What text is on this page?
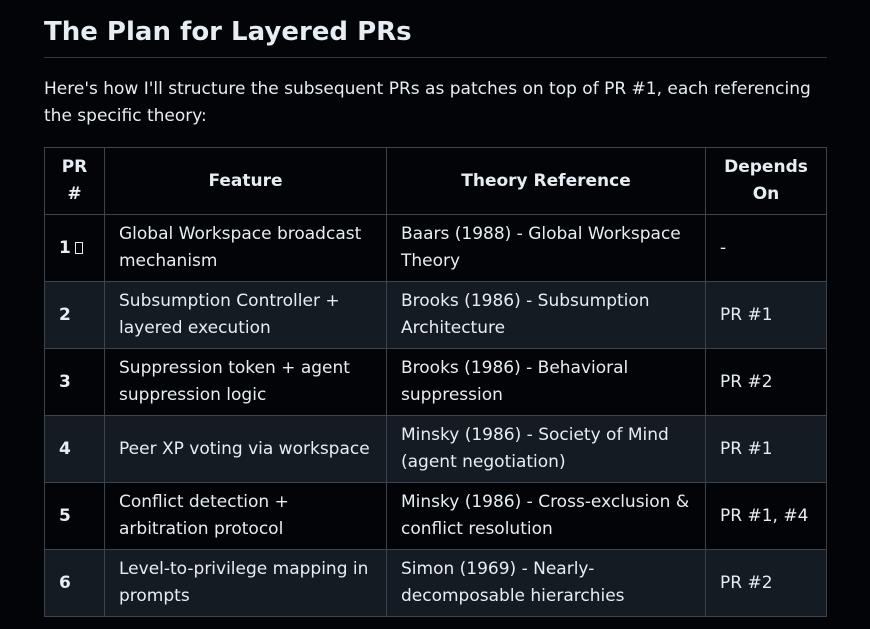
The Plan for Layered PRs

Here's how I'll structure the subsequent PRs as patches on top of PR #1, each referencing the specific theory:

PR #	Feature	Theory Reference	Depends On
1	Global Workspace broadcast mechanism	Baars (1988) - Global Workspace Theory	-
2	Subsumption Controller + layered execution	Brooks (1986) - Subsumption Architecture	PR #1
3	Suppression token + agent suppression logic	Brooks (1986) - Behavioral suppression	PR #2
4	Peer XP voting via workspace	Minsky (1986) - Society of Mind (agent negotiation)	PR #1
5	Conflict detection + arbitration protocol	Minsky (1986) - Cross-exclusion & conflict resolution	PR #1, #4
6	Level-to-privilege mapping in prompts	Simon (1969) - Nearly-decomposable hierarchies	PR #2
